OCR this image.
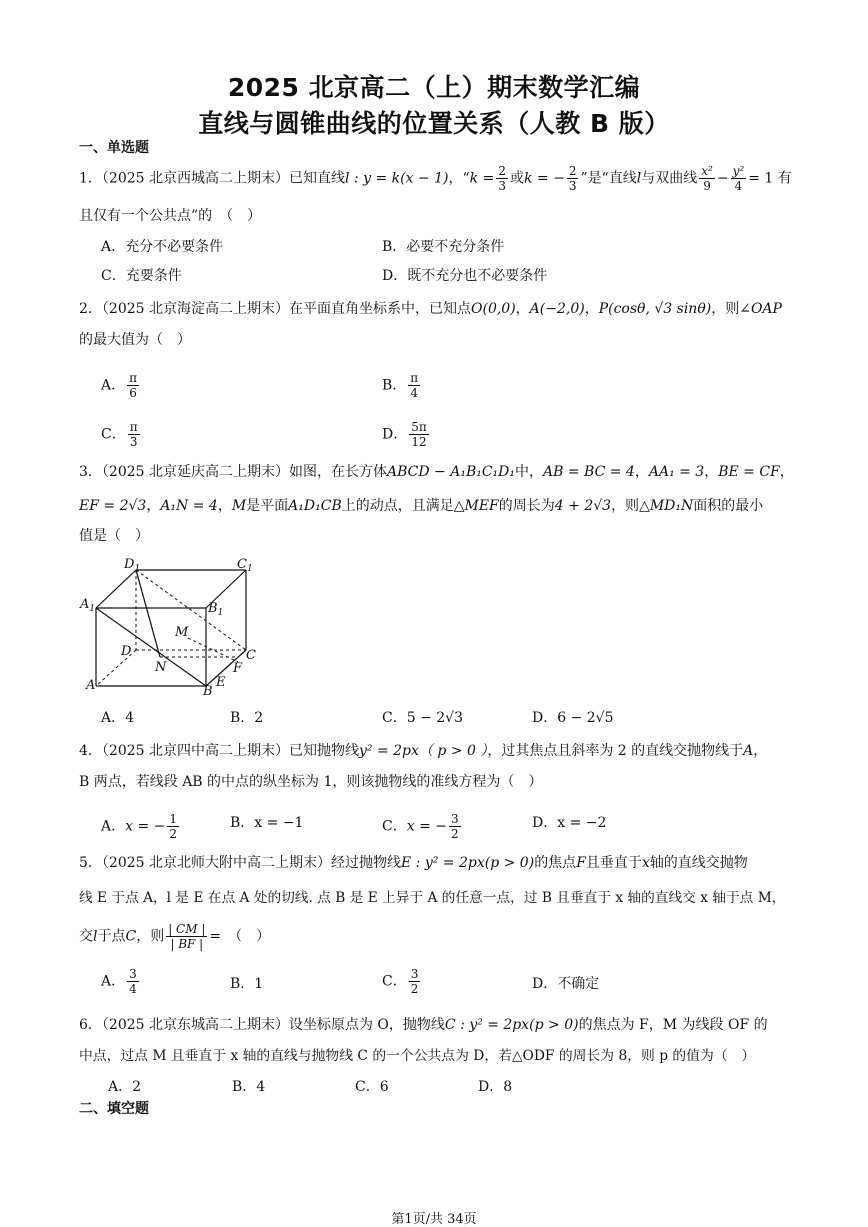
2025 北京高二（上）期末数学汇编
直线与圆锥曲线的位置关系（人教 B 版）
一、单选题
1．（2025 北京西城高二上期末）已知直线l : y = k(x − 1)，“$k = \frac{2}{3}$ 或k = − $\frac{2}{3}$ ”是“直线l与双曲线 $\frac{\text{x²}}{9} - \frac{\text{y²}}{4} = 1$ 有
且仅有一个公共点”的　（　）
A．充分不必要条件	B．必要不充分条件
C．充要条件	D．既不充分也不必要条件
2．（2025 北京海淀高二上期末）在平面直角坐标系中，已知点O(0,0)，A(−2,0)，P(cosθ, √3 sinθ)，则∠OAP
的最大值为（　）
A． $\frac{\pi}{6}$	B． $\frac{\pi}{4}$
C． $\frac{\pi}{3}$	D． $\frac{5\pi}{12}$
3．（2025 北京延庆高二上期末）如图，在长方体ABCD − A₁B₁C₁D₁中，AB = BC = 4，AA₁ = 3，BE = CF，
EF = 2√3，A₁N = 4，M是平面A₁D₁CB上的动点，且满足△MEF的周长为4 + 2√3，则△MD₁N面积的最小
值是（　）
$D_1$	$C_1$
$A_1$	$B_1$
M
D
N
C
F
A	B
E
A．4	B．2	C．5 − 2√3	D．6 − 2√5
4．（2025 北京四中高二上期末）已知抛物线y² = 2px（ p > 0 ），过其焦点且斜率为 2 的直线交抛物线于A，
B 两点，若线段 AB 的中点的纵坐标为 1，则该抛物线的准线方程为（　）
A．x = − $\frac{1}{2}$	B．x = −1	C．x = − $\frac{3}{2}$	D．x = −2
5．（2025 北京北师大附中高二上期末）经过抛物线E : y² = 2px(p > 0)的焦点F且垂直于x轴的直线交抛物
线 E 于点 A，l 是 E 在点 A 处的切线. 点 B 是 E 上异于 A 的任意一点，过 B 且垂直于 x 轴的直线交 x 轴于点 M，
交l于点C，则 $\frac{| CM |}{| BF |}$ =　（　）
A． $\frac{3}{4}$	B．1	C． $\frac{3}{2}$	D．不确定
6．（2025 北京东城高二上期末）设坐标原点为 O，抛物线C : y² = 2px(p > 0)的焦点为 F，M 为线段 OF 的
中点，过点 M 且垂直于 x 轴的直线与抛物线 C 的一个公共点为 D，若△ODF 的周长为 8，则 p 的值为（　）
A．2	B．4	C．6	D．8
二、填空题
第1页/共 34页
